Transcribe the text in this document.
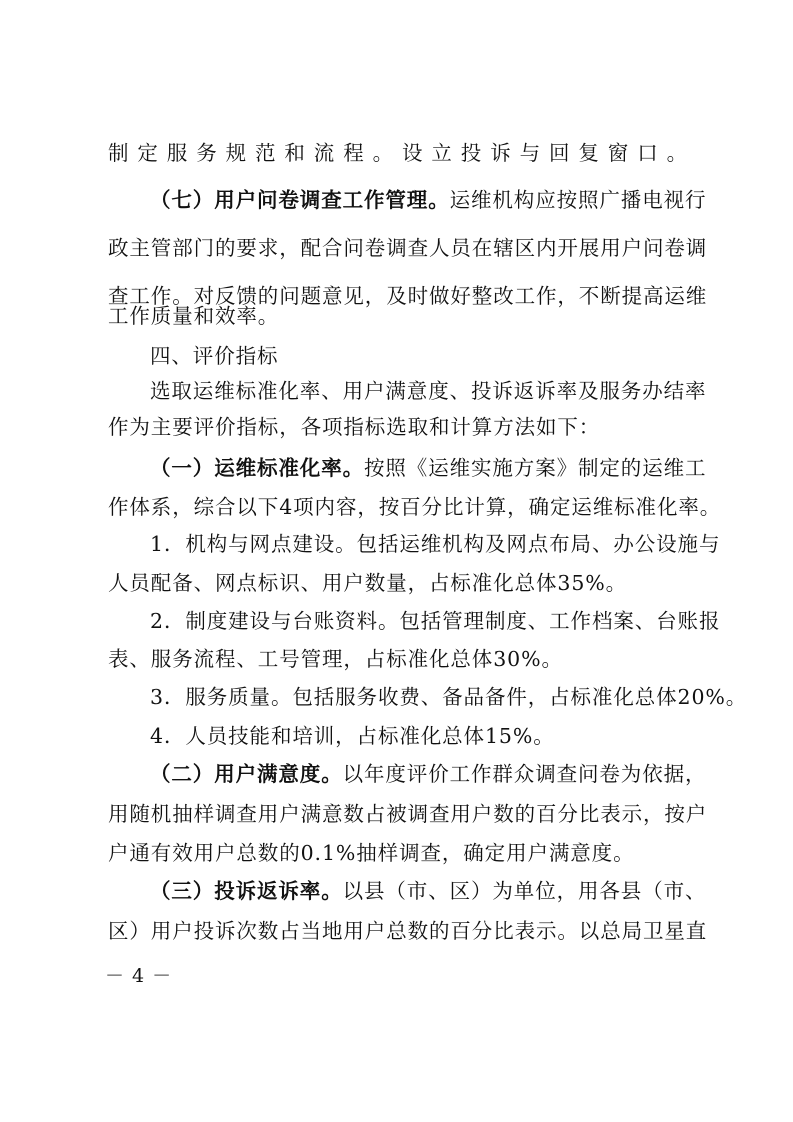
制定服务规范和流程。设立投诉与回复窗口。
（七）用户问卷调查工作管理。运维机构应按照广播电视行
政主管部门的要求，配合问卷调查人员在辖区内开展用户问卷调
查工作。对反馈的问题意见，及时做好整改工作，不断提高运维
工作质量和效率。
四、评价指标
选取运维标准化率、用户满意度、投诉返诉率及服务办结率
作为主要评价指标，各项指标选取和计算方法如下：
（一）运维标准化率。按照《运维实施方案》制定的运维工
作体系，综合以下4项内容，按百分比计算，确定运维标准化率。
1．机构与网点建设。包括运维机构及网点布局、办公设施与
人员配备、网点标识、用户数量，占标准化总体35%。
2．制度建设与台账资料。包括管理制度、工作档案、台账报
表、服务流程、工号管理，占标准化总体30%。
3．服务质量。包括服务收费、备品备件，占标准化总体20%。
4．人员技能和培训，占标准化总体15%。
（二）用户满意度。以年度评价工作群众调查问卷为依据，
用随机抽样调查用户满意数占被调查用户数的百分比表示，按户
户通有效用户总数的0.1%抽样调查，确定用户满意度。
（三）投诉返诉率。以县（市、区）为单位，用各县（市、
区）用户投诉次数占当地用户总数的百分比表示。以总局卫星直
－ 4 －
